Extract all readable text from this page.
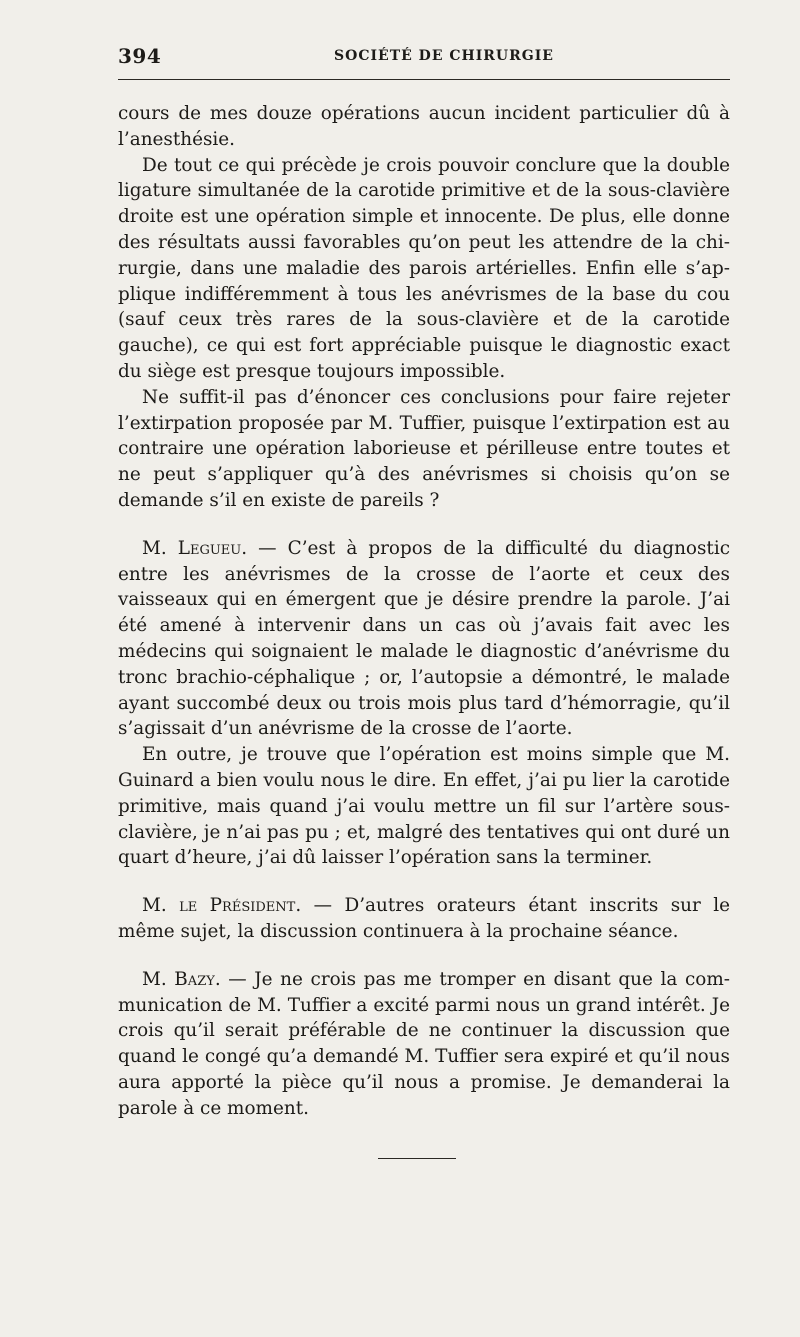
394	SOCIÉTÉ DE CHIRURGIE

cours de mes douze opérations aucun incident particulier dû à l’anesthésie.

De tout ce qui précède je crois pouvoir conclure que la double ligature simultanée de la carotide primitive et de la sous-clavière droite est une opération simple et innocente. De plus, elle donne des résultats aussi favorables qu’on peut les attendre de la chirurgie, dans une maladie des parois artérielles. Enfin elle s’applique indifféremment à tous les anévrismes de la base du cou (sauf ceux très rares de la sous-clavière et de la carotide gauche), ce qui est fort appréciable puisque le diagnostic exact du siège est presque toujours impossible.

Ne suffit-il pas d’énoncer ces conclusions pour faire rejeter l’extirpation proposée par M. Tuffier, puisque l’extirpation est au contraire une opération laborieuse et périlleuse entre toutes et ne peut s’appliquer qu’à des anévrismes si choisis qu’on se demande s’il en existe de pareils ?

M. Legueu. — C’est à propos de la difficulté du diagnostic entre les anévrismes de la crosse de l’aorte et ceux des vaisseaux qui en émergent que je désire prendre la parole. J’ai été amené à intervenir dans un cas où j’avais fait avec les médecins qui soignaient le malade le diagnostic d’anévrisme du tronc brachio-céphalique ; or, l’autopsie a démontré, le malade ayant succombé deux ou trois mois plus tard d’hémorragie, qu’il s’agissait d’un anévrisme de la crosse de l’aorte.

En outre, je trouve que l’opération est moins simple que M. Guinard a bien voulu nous le dire. En effet, j’ai pu lier la carotide primitive, mais quand j’ai voulu mettre un fil sur l’artère sous-clavière, je n’ai pas pu ; et, malgré des tentatives qui ont duré un quart d’heure, j’ai dû laisser l’opération sans la terminer.

M. le Président. — D’autres orateurs étant inscrits sur le même sujet, la discussion continuera à la prochaine séance.

M. Bazy. — Je ne crois pas me tromper en disant que la communication de M. Tuffier a excité parmi nous un grand intérêt. Je crois qu’il serait préférable de ne continuer la discussion que quand le congé qu’a demandé M. Tuffier sera expiré et qu’il nous aura apporté la pièce qu’il nous a promise. Je demanderai la parole à ce moment.
